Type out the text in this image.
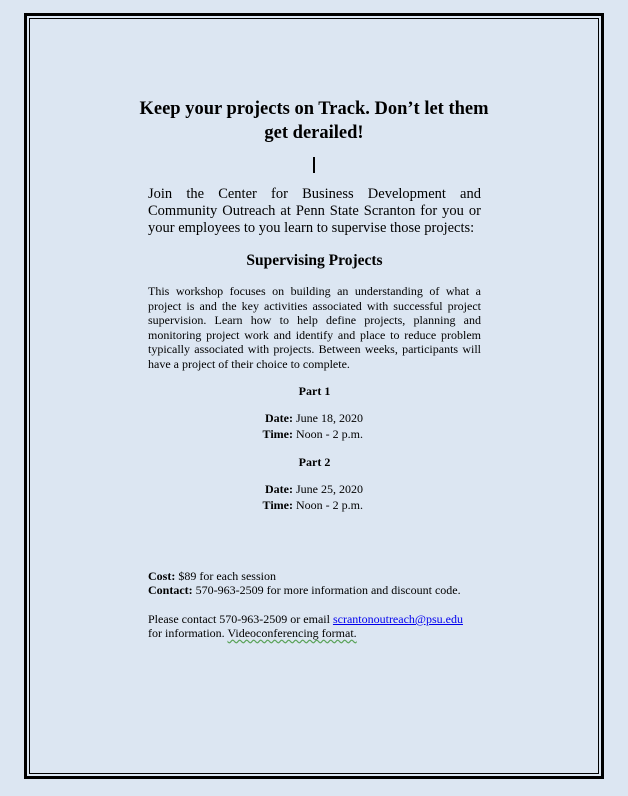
Keep your projects on Track. Don’t let them get derailed!
Join the Center for Business Development and Community Outreach at Penn State Scranton for you or your employees to you learn to supervise those projects:
Supervising Projects
This workshop focuses on building an understanding of what a project is and the key activities associated with successful project supervision. Learn how to help define projects, planning and monitoring project work and identify and place to reduce problem typically associated with projects. Between weeks, participants will have a project of their choice to complete.
Part 1
Date: June 18, 2020
Time: Noon - 2 p.m.
Part 2
Date: June 25, 2020
Time: Noon - 2 p.m.
Cost: $89 for each session
Contact: 570-963-2509 for more information and discount code.
Please contact 570-963-2509 or email scrantonoutreach@psu.edu
for information. Videoconferencing format.
